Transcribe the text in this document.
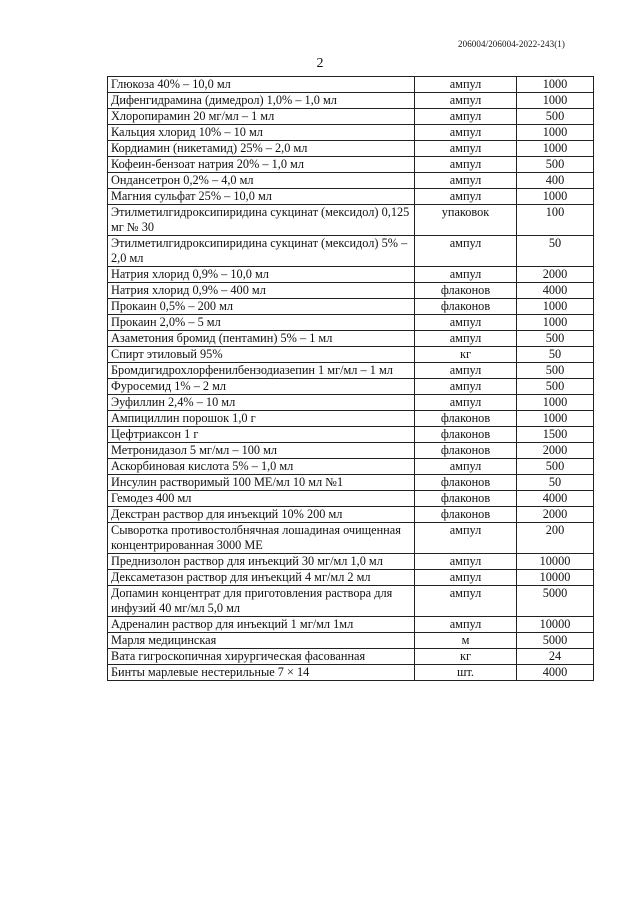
206004/206004-2022-243(1)
2
Глюкоза 40% – 10,0 мл	ампул	1000
Дифенгидрамина (димедрол) 1,0% – 1,0 мл	ампул	1000
Хлоропирамин 20 мг/мл – 1 мл	ампул	500
Кальция хлорид 10% – 10 мл	ампул	1000
Кордиамин (никетамид) 25% – 2,0 мл	ампул	1000
Кофеин-бензоат натрия 20% – 1,0 мл	ампул	500
Ондансетрон 0,2% – 4,0 мл	ампул	400
Магния сульфат 25% – 10,0 мл	ампул	1000
Этилметилгидроксипиридина сукцинат (мексидол) 0,125 мг № 30	упаковок	100
Этилметилгидроксипиридина сукцинат (мексидол) 5% – 2,0 мл	ампул	50
Натрия хлорид 0,9% – 10,0 мл	ампул	2000
Натрия хлорид 0,9% – 400 мл	флаконов	4000
Прокаин 0,5% – 200 мл	флаконов	1000
Прокаин 2,0% – 5 мл	ампул	1000
Азаметония бромид (пентамин) 5% – 1 мл	ампул	500
Спирт этиловый 95%	кг	50
Бромдигидрохлорфенилбензодиазепин 1 мг/мл – 1 мл	ампул	500
Фуросемид 1% – 2 мл	ампул	500
Эуфиллин 2,4% – 10 мл	ампул	1000
Ампициллин порошок 1,0 г	флаконов	1000
Цефтриаксон 1 г	флаконов	1500
Метронидазол 5 мг/мл – 100 мл	флаконов	2000
Аскорбиновая кислота 5% – 1,0 мл	ампул	500
Инсулин растворимый 100 МЕ/мл 10 мл №1	флаконов	50
Гемодез 400 мл	флаконов	4000
Декстран раствор для инъекций 10% 200 мл	флаконов	2000
Сыворотка противостолбнячная лошадиная очищенная концентрированная 3000 МЕ	ампул	200
Преднизолон раствор для инъекций 30 мг/мл 1,0 мл	ампул	10000
Дексаметазон раствор для инъекций 4 мг/мл 2 мл	ампул	10000
Допамин концентрат для приготовления раствора для инфузий 40 мг/мл 5,0 мл	ампул	5000
Адреналин раствор для инъекций 1 мг/мл 1мл	ампул	10000
Марля медицинская	м	5000
Вата гигроскопичная хирургическая фасованная	кг	24
Бинты марлевые нестерильные 7 × 14	шт.	4000
